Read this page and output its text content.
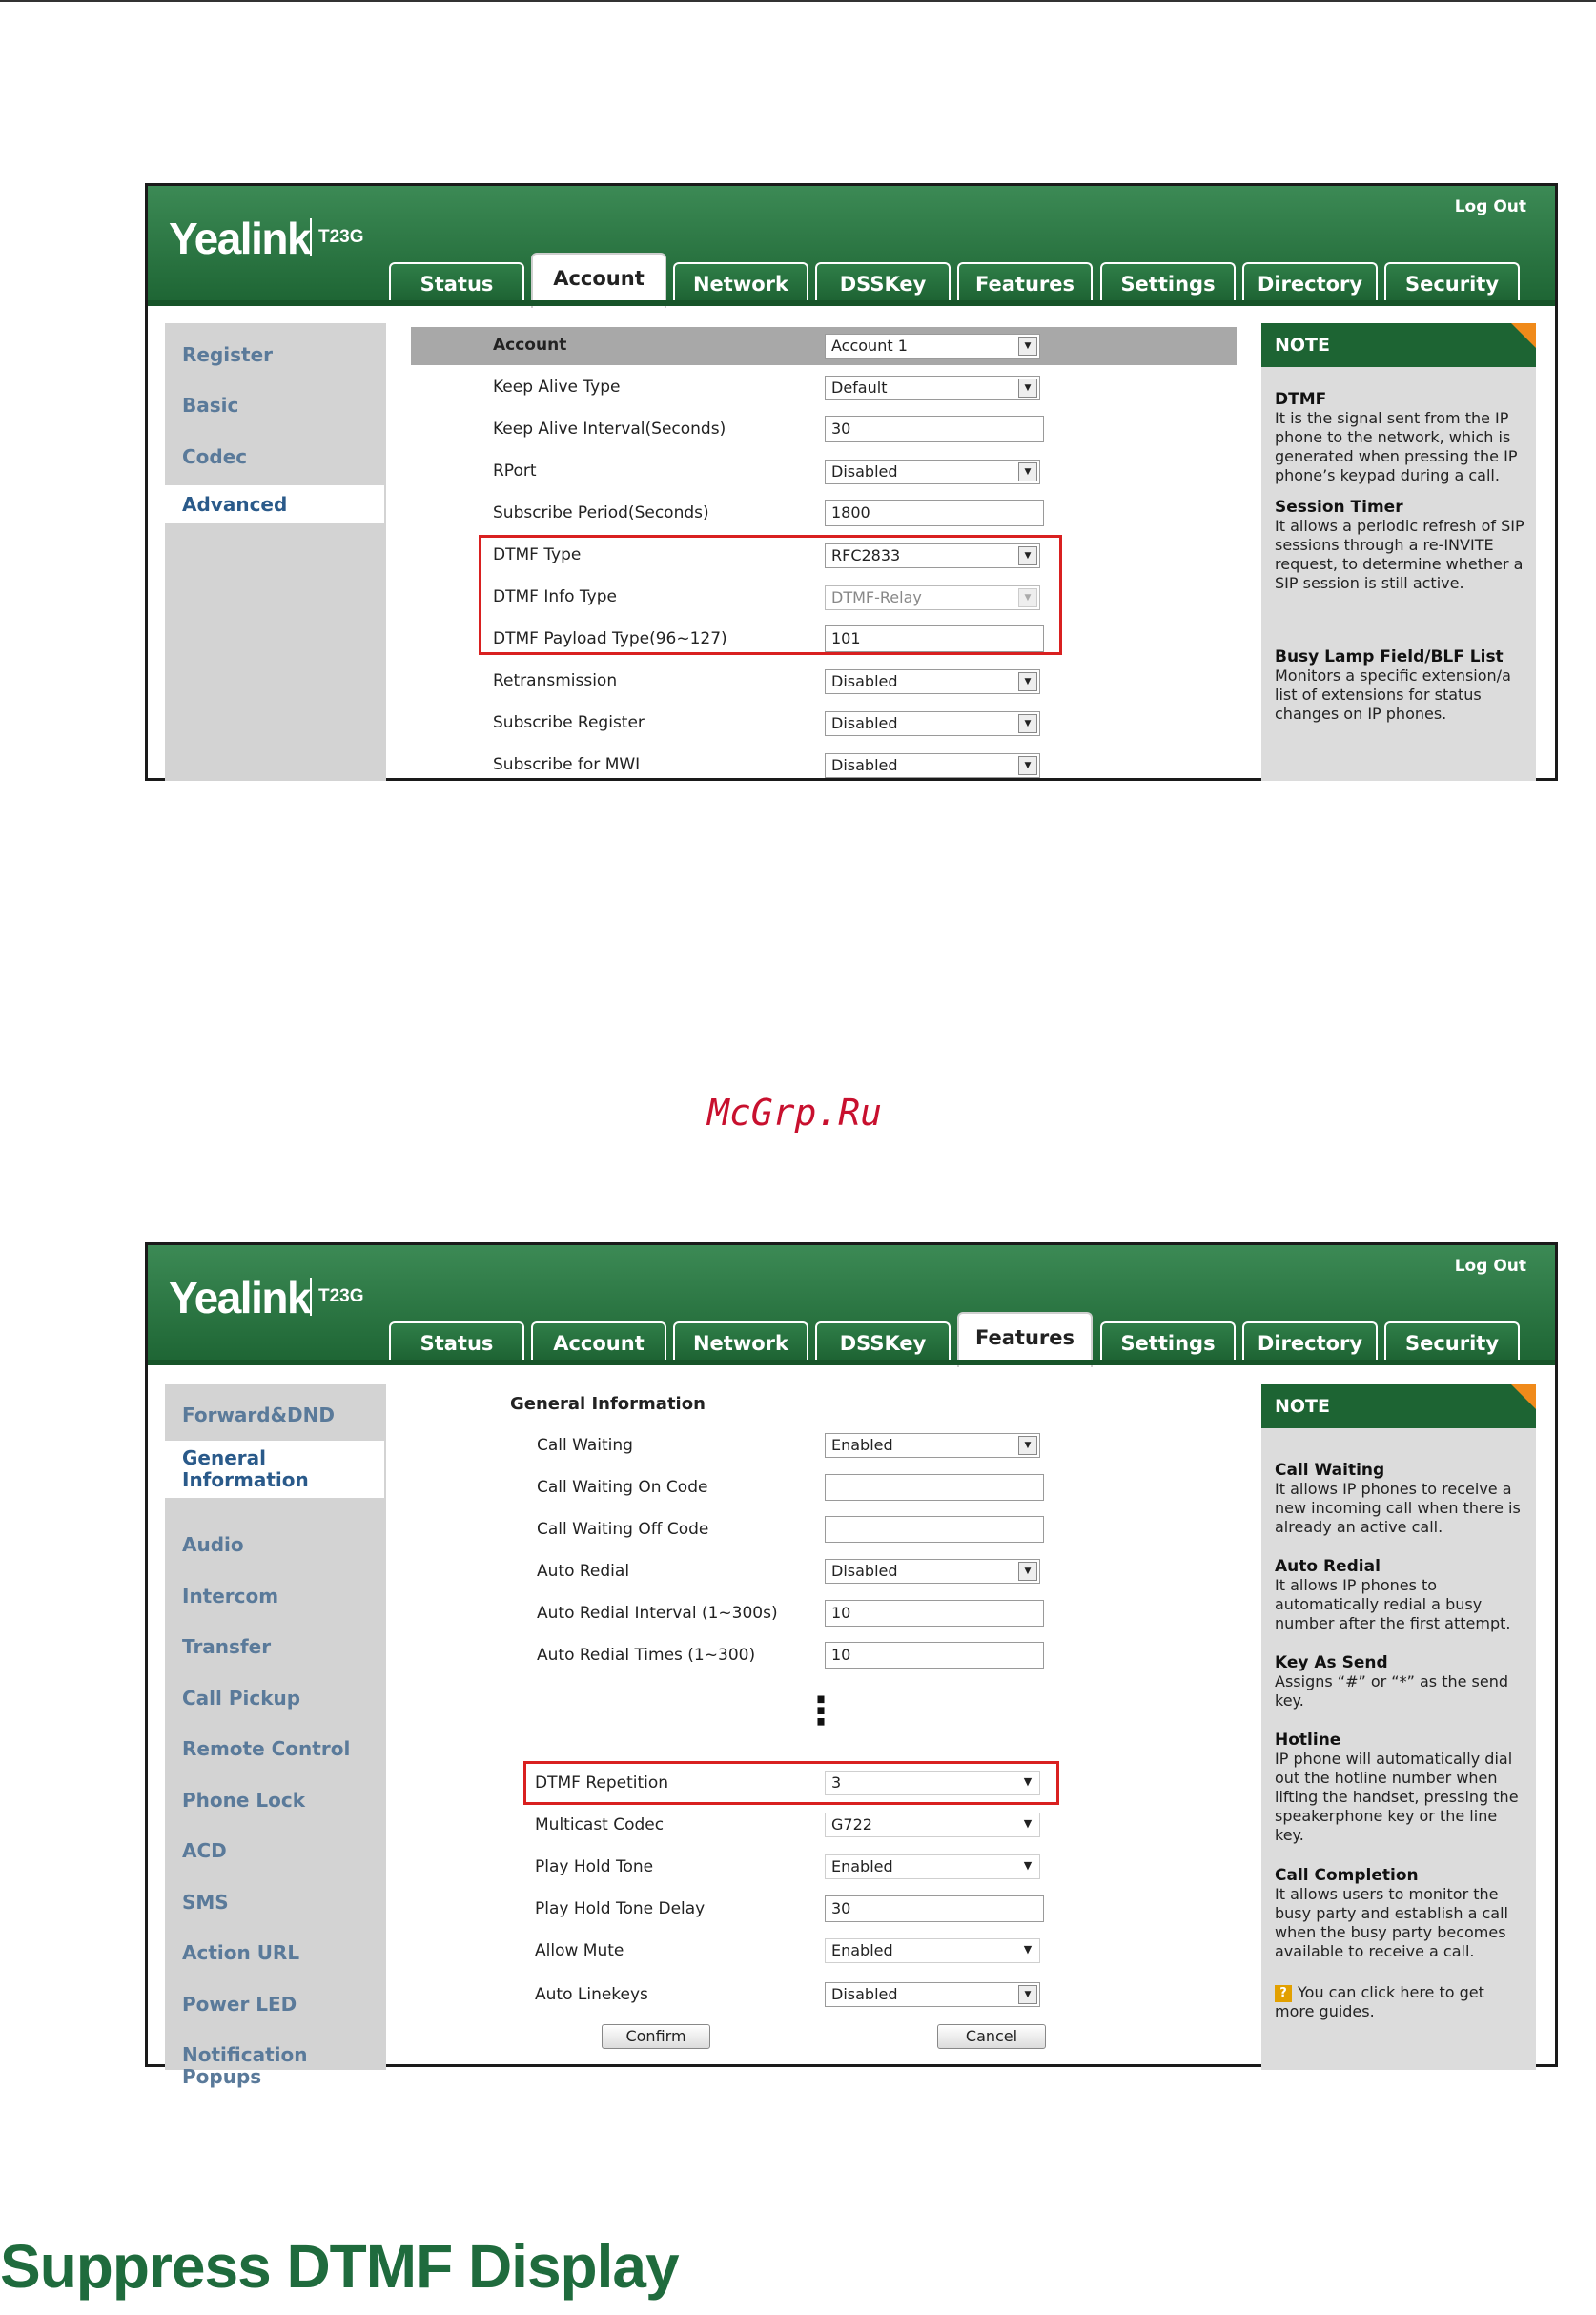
Yealink T23G
Log Out
Status	Account	Network	DSSKey	Features	Settings	Directory	Security
Register
Basic
Codec
Advanced
Account	Account 1	▼
Keep Alive Type	Default	▼
Keep Alive Interval(Seconds)	30
RPort	Disabled	▼
Subscribe Period(Seconds)	1800
DTMF Type	RFC2833	▼
DTMF Info Type	DTMF-Relay	▼
DTMF Payload Type(96~127)	101
Retransmission	Disabled	▼
Subscribe Register	Disabled	▼
Subscribe for MWI	Disabled	▼
NOTE
DTMF
It is the signal sent from the IP phone to the network, which is generated when pressing the IP phone’s keypad during a call.
Session Timer
It allows a periodic refresh of SIP sessions through a re-INVITE request, to determine whether a SIP session is still active.
Busy Lamp Field/BLF List
Monitors a specific extension/a list of extensions for status changes on IP phones.
McGrp.Ru
Yealink T23G
Log Out
Status	Account	Network	DSSKey	Features	Settings	Directory	Security
Forward&DND
General Information
Audio
Intercom
Transfer
Call Pickup
Remote Control
Phone Lock
ACD
SMS
Action URL
Power LED
Notification Popups
General Information
Call Waiting	Enabled	▼
Call Waiting On Code
Call Waiting Off Code
Auto Redial	Disabled	▼
Auto Redial Interval (1~300s)	10
Auto Redial Times (1~300)	10
⋮
DTMF Repetition	3	▼
Multicast Codec	G722	▼
Play Hold Tone	Enabled	▼
Play Hold Tone Delay	30
Allow Mute	Enabled	▼
Auto Linekeys	Disabled	▼
Confirm	Cancel
NOTE
Call Waiting
It allows IP phones to receive a new incoming call when there is already an active call.
Auto Redial
It allows IP phones to automatically redial a busy number after the first attempt.
Key As Send
Assigns “#” or “*” as the send key.
Hotline
IP phone will automatically dial out the hotline number when lifting the handset, pressing the speakerphone key or the line key.
Call Completion
It allows users to monitor the busy party and establish a call when the busy party becomes available to receive a call.
? You can click here to get more guides.
Suppress DTMF Display
